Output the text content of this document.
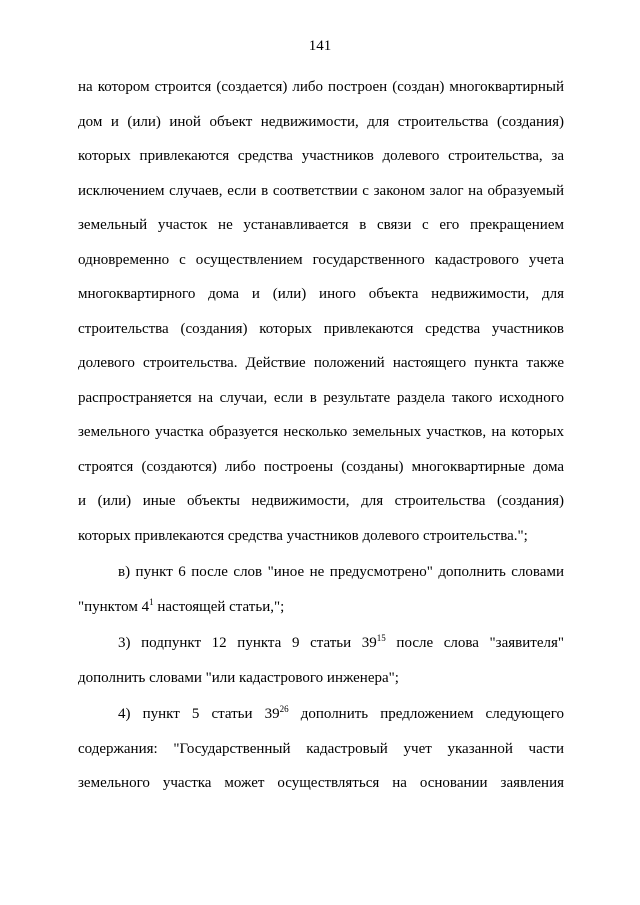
141
на котором строится (создается) либо построен (создан) многоквартирный
дом и (или) иной объект недвижимости, для строительства (создания)
которых привлекаются средства участников долевого строительства, за
исключением случаев, если в соответствии с законом залог на образуемый
земельный участок не устанавливается в связи с его прекращением
одновременно с осуществлением государственного кадастрового учета
многоквартирного дома и (или) иного объекта недвижимости, для
строительства (создания) которых привлекаются средства участников
долевого строительства. Действие положений настоящего пункта также
распространяется на случаи, если в результате раздела такого исходного
земельного участка образуется несколько земельных участков, на которых
строятся (создаются) либо построены (созданы) многоквартирные дома
и (или) иные объекты недвижимости, для строительства (создания)
которых привлекаются средства участников долевого строительства.";
в) пункт 6 после слов "иное не предусмотрено" дополнить словами
"пунктом $4^1$ настоящей статьи,";
3) подпункт 12 пункта 9 статьи $39^{15}$ после слова "заявителя"
дополнить словами "или кадастрового инженера";
4) пункт 5 статьи $39^{26}$ дополнить предложением следующего
содержания: "Государственный кадастровый учет указанной части
земельного участка может осуществляться на основании заявления
